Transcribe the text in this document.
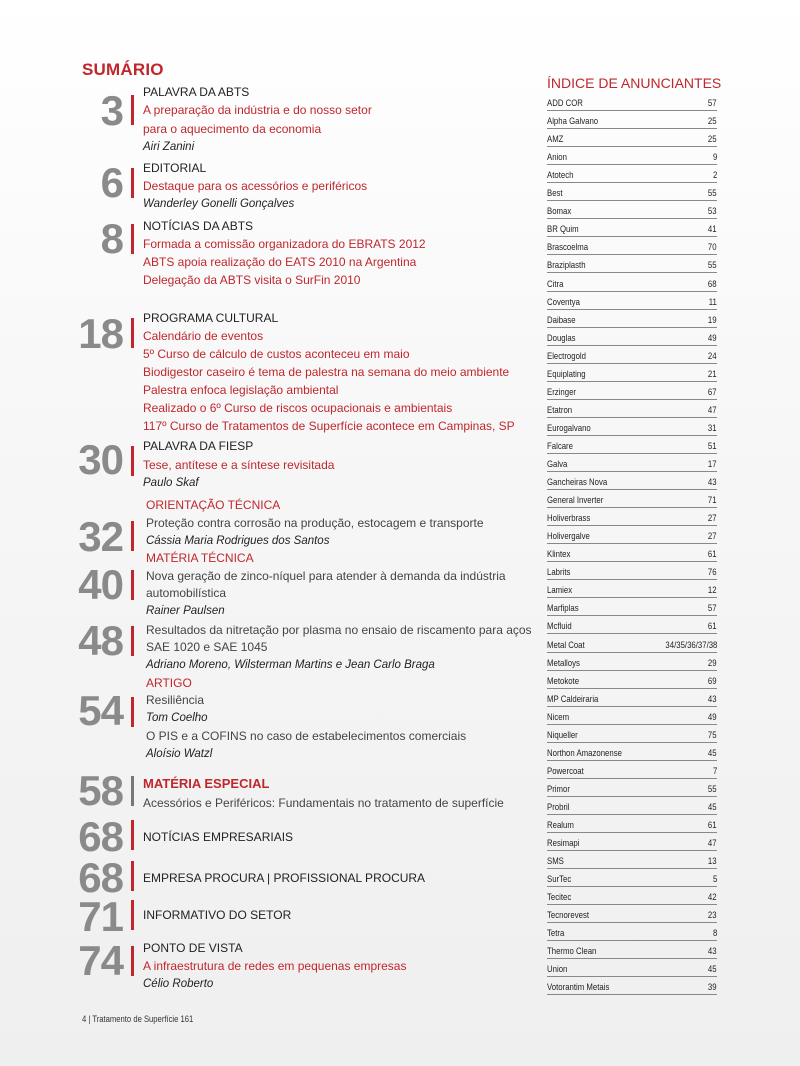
SUMÁRIO
3 PALAVRA DA ABTS
A preparação da indústria e do nosso setor
para o aquecimento da economia
Airi Zanini
6 EDITORIAL
Destaque para os acessórios e periféricos
Wanderley Gonelli Gonçalves
8 NOTÍCIAS DA ABTS
Formada a comissão organizadora do EBRATS 2012
ABTS apoia realização do EATS 2010 na Argentina
Delegação da ABTS visita o SurFin 2010
18 PROGRAMA CULTURAL
Calendário de eventos
5º Curso de cálculo de custos aconteceu em maio
Biodigestor caseiro é tema de palestra na semana do meio ambiente
Palestra enfoca legislação ambiental
Realizado o 6º Curso de riscos ocupacionais e ambientais
117º Curso de Tratamentos de Superfície acontece em Campinas, SP
30 PALAVRA DA FIESP
Tese, antítese e a síntese revisitada
Paulo Skaf
32
ORIENTAÇÃO TÉCNICA
Proteção contra corrosão na produção, estocagem e transporte
Cássia Maria Rodrigues dos Santos
MATÉRIA TÉCNICA
40 Nova geração de zinco-níquel para atender à demanda da indústria
automobilística
Rainer Paulsen
48 Resultados da nitretação por plasma no ensaio de riscamento para aços
SAE 1020 e SAE 1045
Adriano Moreno, Wilsterman Martins e Jean Carlo Braga
ARTIGO
54 Resiliência
Tom Coelho
O PIS e a COFINS no caso de estabelecimentos comerciais
Aloísio Watzl
58 MATÉRIA ESPECIAL
Acessórios e Periféricos: Fundamentais no tratamento de superfície
68 NOTÍCIAS EMPRESARIAIS
68 EMPRESA PROCURA | PROFISSIONAL PROCURA
71 INFORMATIVO DO SETOR
74 PONTO DE VISTA
A infraestrutura de redes em pequenas empresas
Célio Roberto
ÍNDICE DE ANUNCIANTES
ADD COR	57
Alpha Galvano	25
AMZ	25
Anion	9
Atotech	2
Best	55
Bomax	53
BR Quim	41
Brascoelma	70
Braziplasth	55
Citra	68
Coventya	11
Daibase	19
Douglas	49
Electrogold	24
Equiplating	21
Erzinger	67
Etatron	47
Eurogalvano	31
Falcare	51
Galva	17
Gancheiras Nova	43
General Inverter	71
Holiverbrass	27
Holivergalve	27
Klintex	61
Labrits	76
Lamiex	12
Marfiplas	57
Mcfluid	61
Metal Coat	34/35/36/37/38
Metalloys	29
Metokote	69
MP Caldeiraria	43
Nicem	49
Niqueller	75
Northon Amazonense	45
Powercoat	7
Primor	55
Probril	45
Realum	61
Resimapi	47
SMS	13
SurTec	5
Tecitec	42
Tecnorevest	23
Tetra	8
Thermo Clean	43
Union	45
Votorantim Metais	39
4 | Tratamento de Superfície 161
